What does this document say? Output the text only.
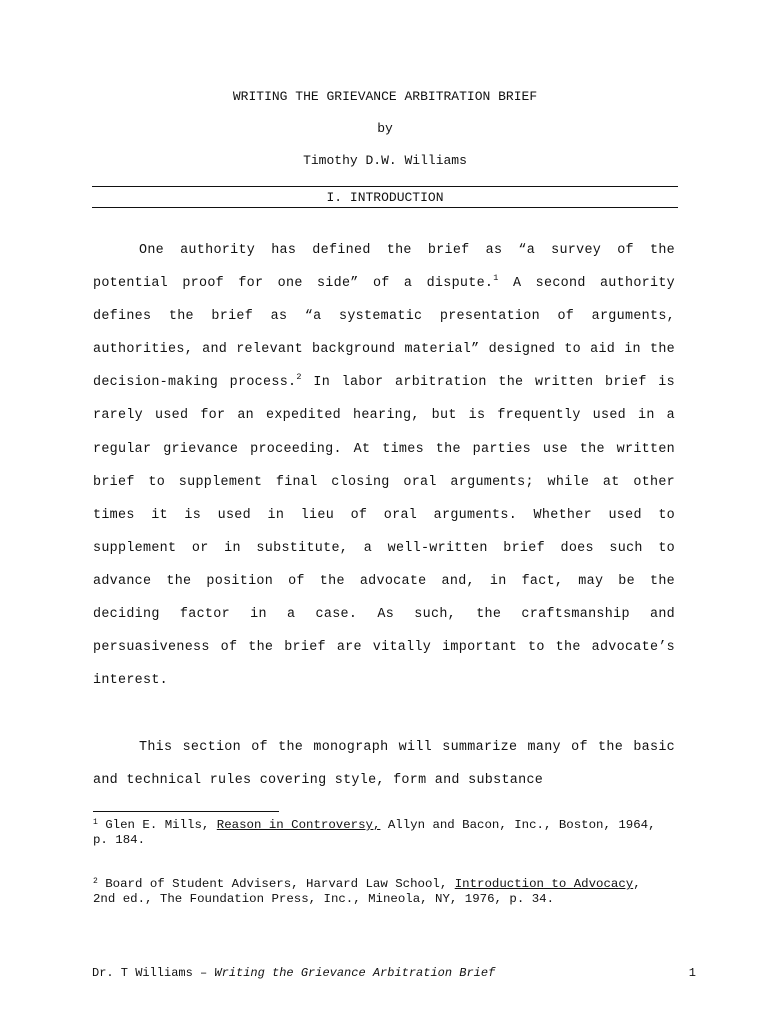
WRITING THE GRIEVANCE ARBITRATION BRIEF
by
Timothy D.W. Williams
I. INTRODUCTION

One authority has defined the brief as “a survey of the potential proof for one side” of a dispute.$^1$ A second authority defines the brief as “a systematic presentation of arguments, authorities, and relevant background material” designed to aid in the decision-making process.$^2$ In labor arbitration the written brief is rarely used for an expedited hearing, but is frequently used in a regular grievance proceeding. At times the parties use the written brief to supplement final closing oral arguments; while at other times it is used in lieu of oral arguments. Whether used to supplement or in substitute, a well-written brief does such to advance the position of the advocate and, in fact, may be the deciding factor in a case. As such, the craftsmanship and persuasiveness of the brief are vitally important to the advocate’s interest.

This section of the monograph will summarize many of the basic and technical rules covering style, form and substance

$^1$ Glen E. Mills, Reason in Controversy, Allyn and Bacon, Inc., Boston, 1964,
p. 184.
$^2$ Board of Student Advisers, Harvard Law School, Introduction to Advocacy,
2nd ed., The Foundation Press, Inc., Mineola, NY, 1976, p. 34.
Dr. T Williams – Writing the Grievance Arbitration Brief	1
